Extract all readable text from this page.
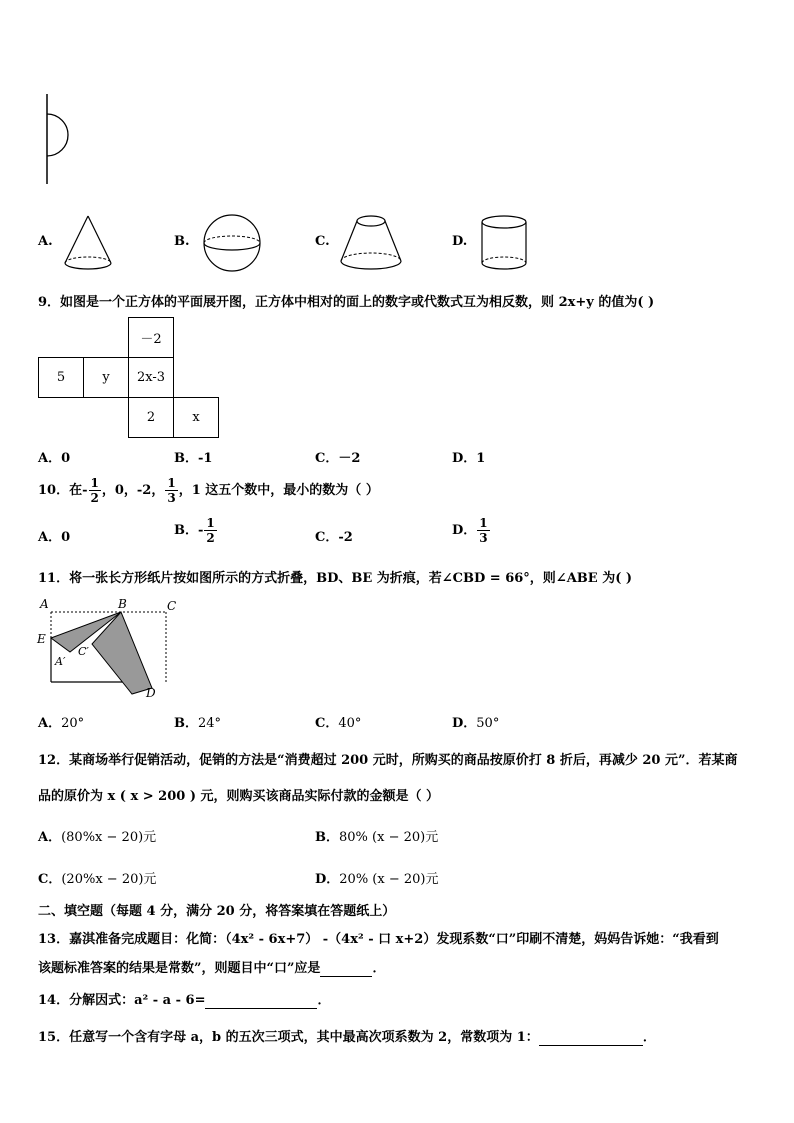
A.	B.	C.	D.
9．如图是一个正方体的平面展开图，正方体中相对的面上的数字或代数式互为相反数，则 2x+y 的值为( )
		－2	
5	y	2x-3	
		2	x
A．0	B．-1	C．－2	D．1
10．在- $\frac{1}{2}$ ，0，-2， $\frac{1}{3}$ ，1 这五个数中，最小的数为（ ）
A．0	B．- $\frac{1}{2}$	C．-2	D． $\frac{1}{3}$
11．将一张长方形纸片按如图所示的方式折叠，BD、BE 为折痕，若∠CBD = 66°，则∠ABE 为( )
A	B	C
E
A′
C′
D
A．20°	B．24°	C．40°	D．50°
12．某商场举行促销活动，促销的方法是“消费超过 200 元时，所购买的商品按原价打 8 折后，再减少 20 元”．若某商
品的原价为 x ( x > 200 ) 元，则购买该商品实际付款的金额是（ ）
A．(80%x − 20)元	B．80% (x − 20)元
C．(20%x − 20)元	D．20% (x − 20)元
二、填空题（每题 4 分，满分 20 分，将答案填在答题纸上）
13．嘉淇准备完成题目：化简：（4x² - 6x+7） -（4x² - 口 x+2）发现系数“口”印刷不清楚，妈妈告诉她：“我看到
该题标准答案的结果是常数”，则题目中“口”应是	．
14．分解因式：a² - a - 6=	．
15．任意写一个含有字母 a，b 的五次三项式，其中最高次项系数为 2，常数项为 1：	．
